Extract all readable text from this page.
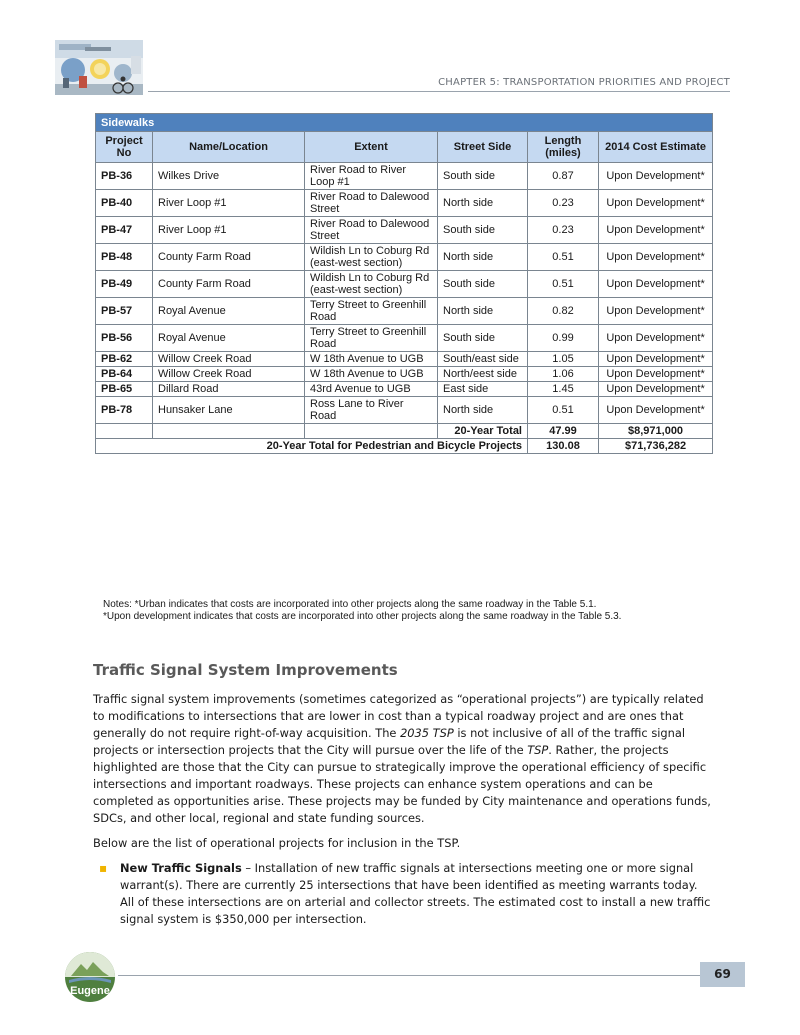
CHAPTER 5: TRANSPORTATION PRIORITIES AND PROJECT
Sidewalks					
Project No	Name/Location	Extent	Street Side	Length (miles)	2014 Cost Estimate
PB-36	Wilkes Drive	River Road to River Loop #1	South side	0.87	Upon Development*
PB-40	River Loop #1	River Road to Dalewood Street	North side	0.23	Upon Development*
PB-47	River Loop #1	River Road to Dalewood Street	South side	0.23	Upon Development*
PB-48	County Farm Road	Wildish Ln to Coburg Rd (east-west section)	North side	0.51	Upon Development*
PB-49	County Farm Road	Wildish Ln to Coburg Rd (east-west section)	South side	0.51	Upon Development*
PB-57	Royal Avenue	Terry Street to Greenhill Road	North side	0.82	Upon Development*
PB-56	Royal Avenue	Terry Street to Greenhill Road	South side	0.99	Upon Development*
PB-62	Willow Creek Road	W 18th Avenue to UGB	South/east side	1.05	Upon Development*
PB-64	Willow Creek Road	W 18th Avenue to UGB	North/eest side	1.06	Upon Development*
PB-65	Dillard Road	43rd Avenue to UGB	East side	1.45	Upon Development*
PB-78	Hunsaker Lane	Ross Lane to River Road	North side	0.51	Upon Development*
			20-Year Total	47.99	$8,971,000
20-Year Total for Pedestrian and Bicycle Projects				130.08	$71,736,282
Notes: *Urban indicates that costs are incorporated into other projects along the same roadway in the Table 5.1.
*Upon development indicates that costs are incorporated into other projects along the same roadway in the Table 5.3.
Traffic Signal System Improvements

Traffic signal system improvements (sometimes categorized as “operational projects”) are typically related to modifications to intersections that are lower in cost than a typical roadway project and are ones that generally do not require right-of-way acquisition. The 2035 TSP is not inclusive of all of the traffic signal projects or intersection projects that the City will pursue over the life of the TSP. Rather, the projects highlighted are those that the City can pursue to strategically improve the operational efficiency of specific intersections and important roadways. These projects can enhance system operations and can be completed as opportunities arise. These projects may be funded by City maintenance and operations funds, SDCs, and other local, regional and state funding sources.

Below are the list of operational projects for inclusion in the TSP.

▪ New Traffic Signals – Installation of new traffic signals at intersections meeting one or more signal warrant(s). There are currently 25 intersections that have been identified as meeting warrants today. All of these intersections are on arterial and collector streets. The estimated cost to install a new traffic signal system is $350,000 per intersection.
Eugene
69
